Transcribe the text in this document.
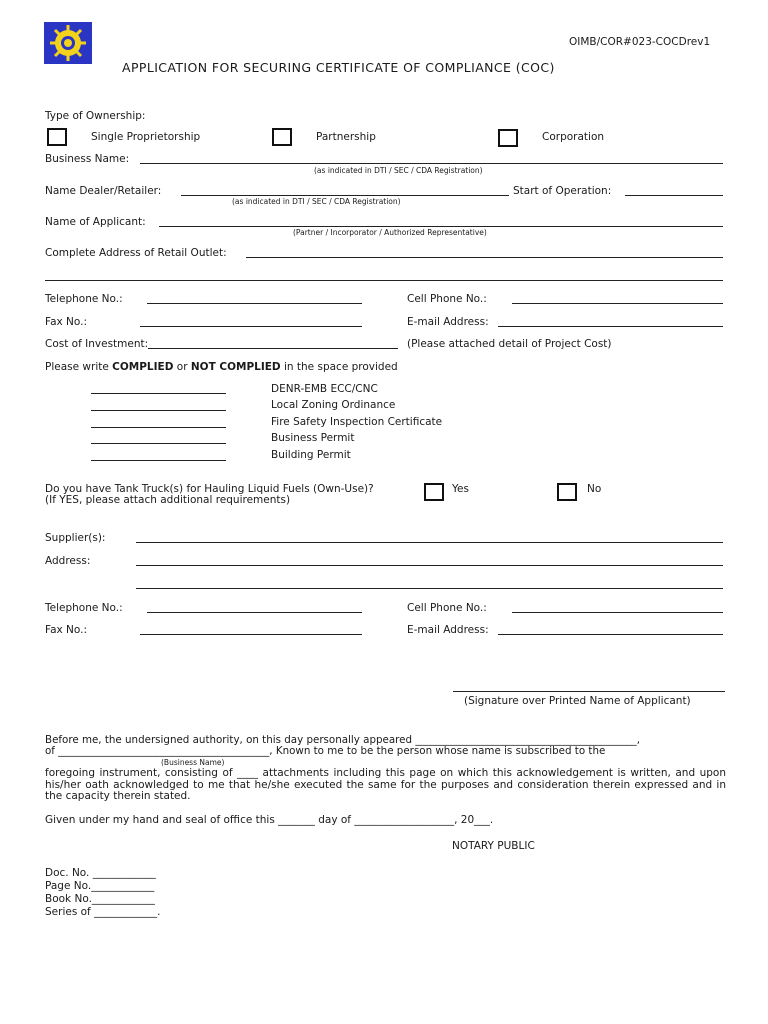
OIMB/COR#023-COCDrev1
APPLICATION FOR SECURING CERTIFICATE OF COMPLIANCE (COC)
Type of Ownership:
Single Proprietorship	Partnership	Corporation
Business Name:
(as indicated in DTI / SEC / CDA Registration)
Name Dealer/Retailer:
(as indicated in DTI / SEC / CDA Registration)
Start of Operation:
Name of Applicant:
(Partner / Incorporator / Authorized Representative)
Complete Address of Retail Outlet:
Telephone No.:	Cell Phone No.:
Fax No.:	E-mail Address:
Cost of Investment:	(Please attached detail of Project Cost)
Please write COMPLIED or NOT COMPLIED in the space provided
DENR-EMB ECC/CNC
Local Zoning Ordinance
Fire Safety Inspection Certificate
Business Permit
Building Permit
Do you have Tank Truck(s) for Hauling Liquid Fuels (Own-Use)?
(If YES, please attach additional requirements)
Yes	No
Supplier(s):
Address:
Telephone No.:	Cell Phone No.:
Fax No.:	E-mail Address:
(Signature over Printed Name of Applicant)
Before me, the undersigned authority, on this day personally appeared ___________________________________________,
of _________________________________________, Known to me to be the person whose name is subscribed to the
(Business Name)
foregoing instrument, consisting of ____ attachments including this page on which this acknowledgement is written, and upon his/her oath acknowledged to me that he/she executed the same for the purposes and consideration therein expressed and in the capacity therein stated.
Given under my hand and seal of office this _______ day of ___________________, 20___.
NOTARY PUBLIC
Doc. No. ____________
Page No.____________
Book No.____________
Series of ____________.
